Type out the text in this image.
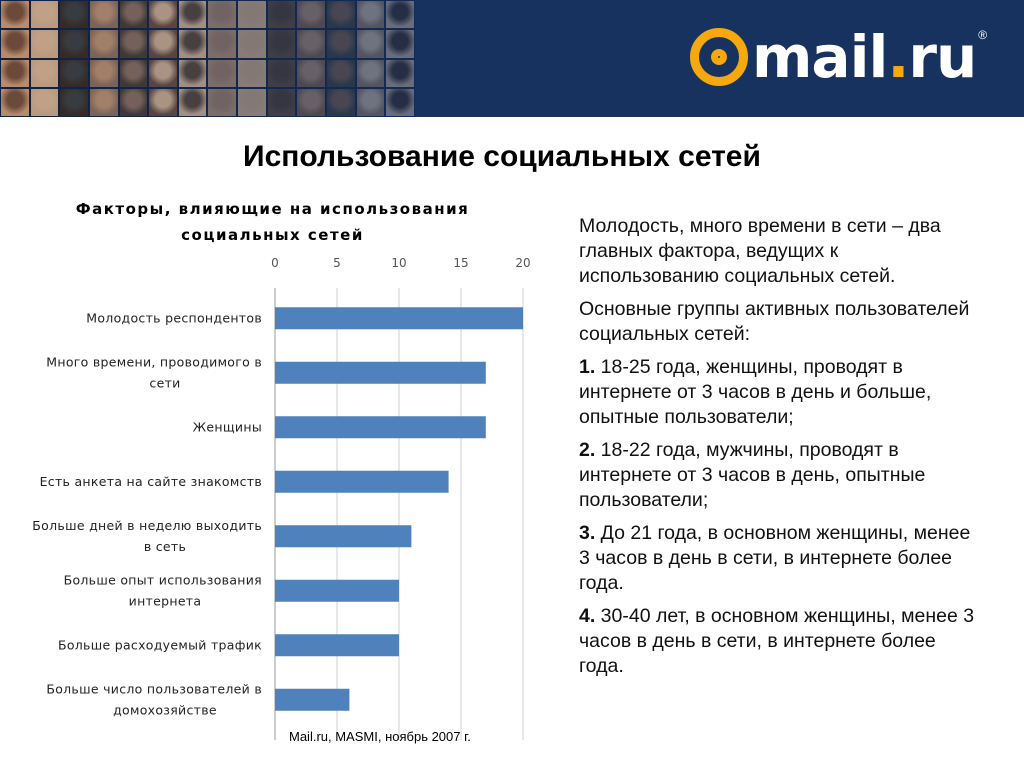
mail.ru ®
Использование социальных сетей
Факторы, влияющие на использования
социальных сетей
0	5	10	15	20
Молодость респондентов
Много времени, проводимого в
сети
Женщины
Есть анкета на сайте знакомств
Больше дней в неделю выходить
в сеть
Больше опыт использования
интернета
Больше расходуемый трафик
Больше число пользователей в
домохозяйстве
Mail.ru, MASMI, ноябрь 2007 г.

Молодость, много времени в сети – два главных фактора, ведущих к использованию социальных сетей.

Основные группы активных пользователей социальных сетей:

1. 18-25 года, женщины, проводят в интернете от 3 часов в день и больше, опытные пользователи;

2. 18-22 года, мужчины, проводят в интернете от 3 часов в день, опытные пользователи;

3. До 21 года, в основном женщины, менее 3 часов в день в сети, в интернете более года.

4. 30-40 лет, в основном женщины, менее 3 часов в день в сети, в интернете более года.
